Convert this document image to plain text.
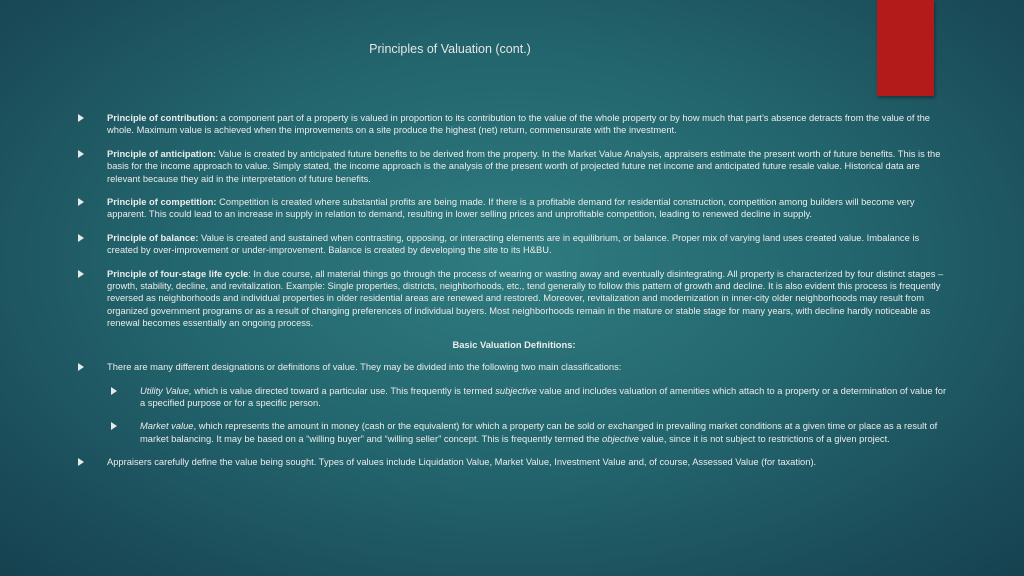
Principles of Valuation (cont.)
Principle of contribution: a component part of a property is valued in proportion to its contribution to the value of the whole property or by how much that part’s absence detracts from the value of the whole. Maximum value is achieved when the improvements on a site produce the highest (net) return, commensurate with the investment.
Principle of anticipation: Value is created by anticipated future benefits to be derived from the property. In the Market Value Analysis, appraisers estimate the present worth of future benefits. This is the basis for the income approach to value. Simply stated, the income approach is the analysis of the present worth of projected future net income and anticipated future resale value. Historical data are relevant because they aid in the interpretation of future benefits.
Principle of competition: Competition is created where substantial profits are being made. If there is a profitable demand for residential construction, competition among builders will become very apparent. This could lead to an increase in supply in relation to demand, resulting in lower selling prices and unprofitable competition, leading to renewed decline in supply.
Principle of balance: Value is created and sustained when contrasting, opposing, or interacting elements are in equilibrium, or balance. Proper mix of varying land uses created value. Imbalance is created by over-improvement or under-improvement. Balance is created by developing the site to its H&BU.
Principle of four-stage life cycle: In due course, all material things go through the process of wearing or wasting away and eventually disintegrating. All property is characterized by four distinct stages – growth, stability, decline, and revitalization. Example: Single properties, districts, neighborhoods, etc., tend generally to follow this pattern of growth and decline. It is also evident this process is frequently reversed as neighborhoods and individual properties in older residential areas are renewed and restored. Moreover, revitalization and modernization in inner-city older neighborhoods may result from organized government programs or as a result of changing preferences of individual buyers. Most neighborhoods remain in the mature or stable stage for many years, with decline hardly noticeable as renewal becomes essentially an ongoing process.
Basic Valuation Definitions:
There are many different designations or definitions of value. They may be divided into the following two main classifications:
Utility Value, which is value directed toward a particular use. This frequently is termed subjective value and includes valuation of amenities which attach to a property or a determination of value for a specified purpose or for a specific person.
Market value, which represents the amount in money (cash or the equivalent) for which a property can be sold or exchanged in prevailing market conditions at a given time or place as a result of market balancing. It may be based on a “willing buyer” and “willing seller” concept. This is frequently termed the objective value, since it is not subject to restrictions of a given project.
Appraisers carefully define the value being sought. Types of values include Liquidation Value, Market Value, Investment Value and, of course, Assessed Value (for taxation).
